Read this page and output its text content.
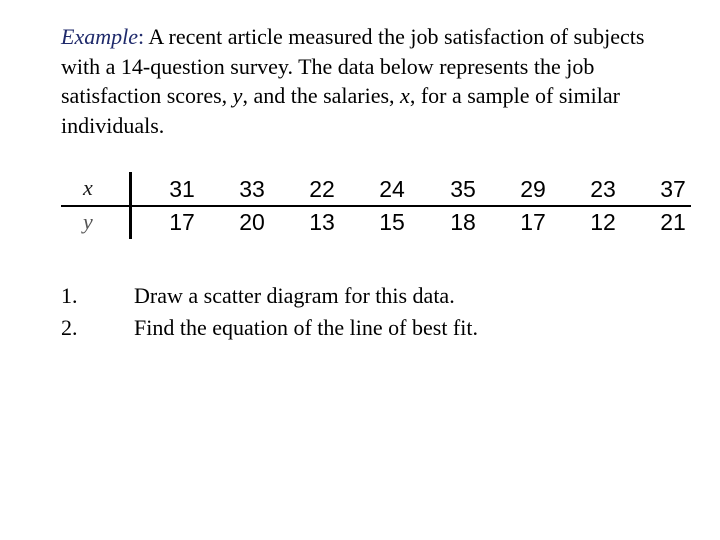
Example: A recent article measured the job satisfaction of subjects with a 14-question survey. The data below represents the job satisfaction scores, y, and the salaries, x, for a sample of similar individuals.

x	31	33	22	24	35	29	23	37
y	17	20	13	15	18	17	12	21
1.	Draw a scatter diagram for this data.
2.	Find the equation of the line of best fit.
